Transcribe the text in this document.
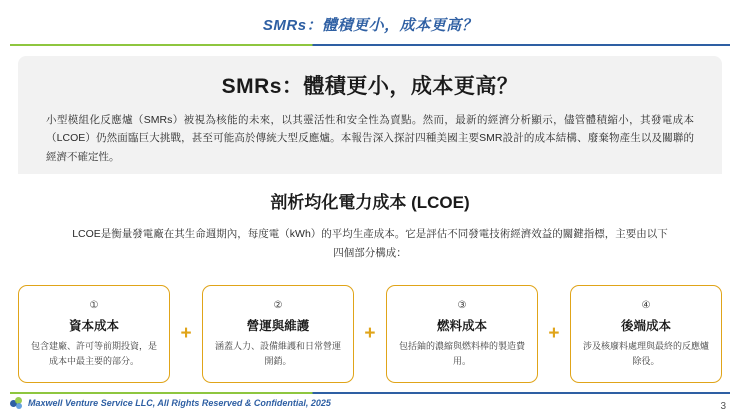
SMRs：體積更小，成本更高？
SMRs：體積更小，成本更高？
小型模組化反應爐（SMRs）被視為核能的未來，以其靈活性和安全性為賣點。然而，最新的經濟分析顯示，儘管體積縮小，其發電成本（LCOE）仍然面臨巨大挑戰，甚至可能高於傳統大型反應爐。本報告深入探討四種美國主要SMR設計的成本結構、廢棄物產生以及關聯的經濟不確定性。
剖析均化電力成本 (LCOE)
LCOE是衡量發電廠在其生命週期內，每度電（kWh）的平均生產成本。它是評估不同發電技術經濟效益的關鍵指標，主要由以下四個部分構成：
①
資本成本
包含建廠、許可等前期投資，是成本中最主要的部分。
+
②
營運與維護
涵蓋人力、設備維護和日常營運開銷。
+
③
燃料成本
包括鈾的濃縮與燃料棒的製造費用。
+
④
後端成本
涉及核廢料處理與最終的反應爐除役。
Maxwell Venture Service LLC, All Rights Reserved & Confidential, 2025	3
